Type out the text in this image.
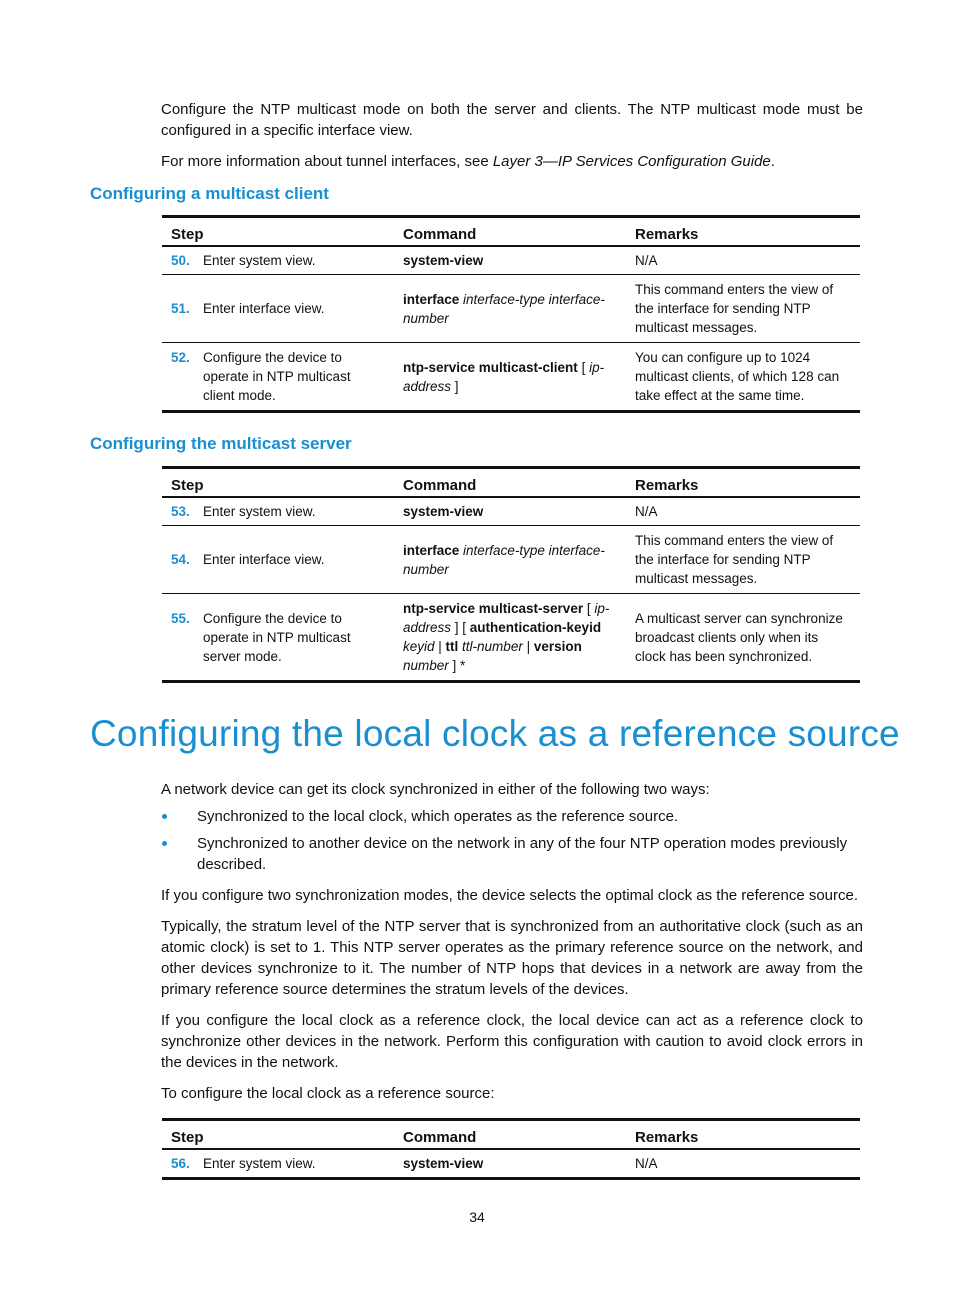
Configure the NTP multicast mode on both the server and clients. The NTP multicast mode must be configured in a specific interface view.

For more information about tunnel interfaces, see Layer 3—IP Services Configuration Guide.

Configuring a multicast client
Step	Command	Remarks

50. Enter system view.	system-view	N/A

51. Enter interface view.	interface interface-type interface-number	This command enters the view of the interface for sending NTP multicast messages.

52. Configure the device to operate in NTP multicast client mode.	ntp-service multicast-client [ ip-address ]	You can configure up to 1024 multicast clients, of which 128 can take effect at the same time.
Configuring the multicast server
Step	Command	Remarks

53. Enter system view.	system-view	N/A

54. Enter interface view.	interface interface-type interface-number	This command enters the view of the interface for sending NTP multicast messages.

55. Configure the device to operate in NTP multicast server mode.	ntp-service multicast-server [ ip-address ] [ authentication-keyid keyid | ttl ttl-number | version number ] *	A multicast server can synchronize broadcast clients only when its clock has been synchronized.
Configuring the local clock as a reference source

A network device can get its clock synchronized in either of the following two ways:

Synchronized to the local clock, which operates as the reference source.
Synchronized to another device on the network in any of the four NTP operation modes previously described.

If you configure two synchronization modes, the device selects the optimal clock as the reference source.

Typically, the stratum level of the NTP server that is synchronized from an authoritative clock (such as an atomic clock) is set to 1. This NTP server operates as the primary reference source on the network, and other devices synchronize to it. The number of NTP hops that devices in a network are away from the primary reference source determines the stratum levels of the devices.

If you configure the local clock as a reference clock, the local device can act as a reference clock to synchronize other devices in the network. Perform this configuration with caution to avoid clock errors in the devices in the network.

To configure the local clock as a reference source:

Step	Command	Remarks

56. Enter system view.	system-view	N/A
34
